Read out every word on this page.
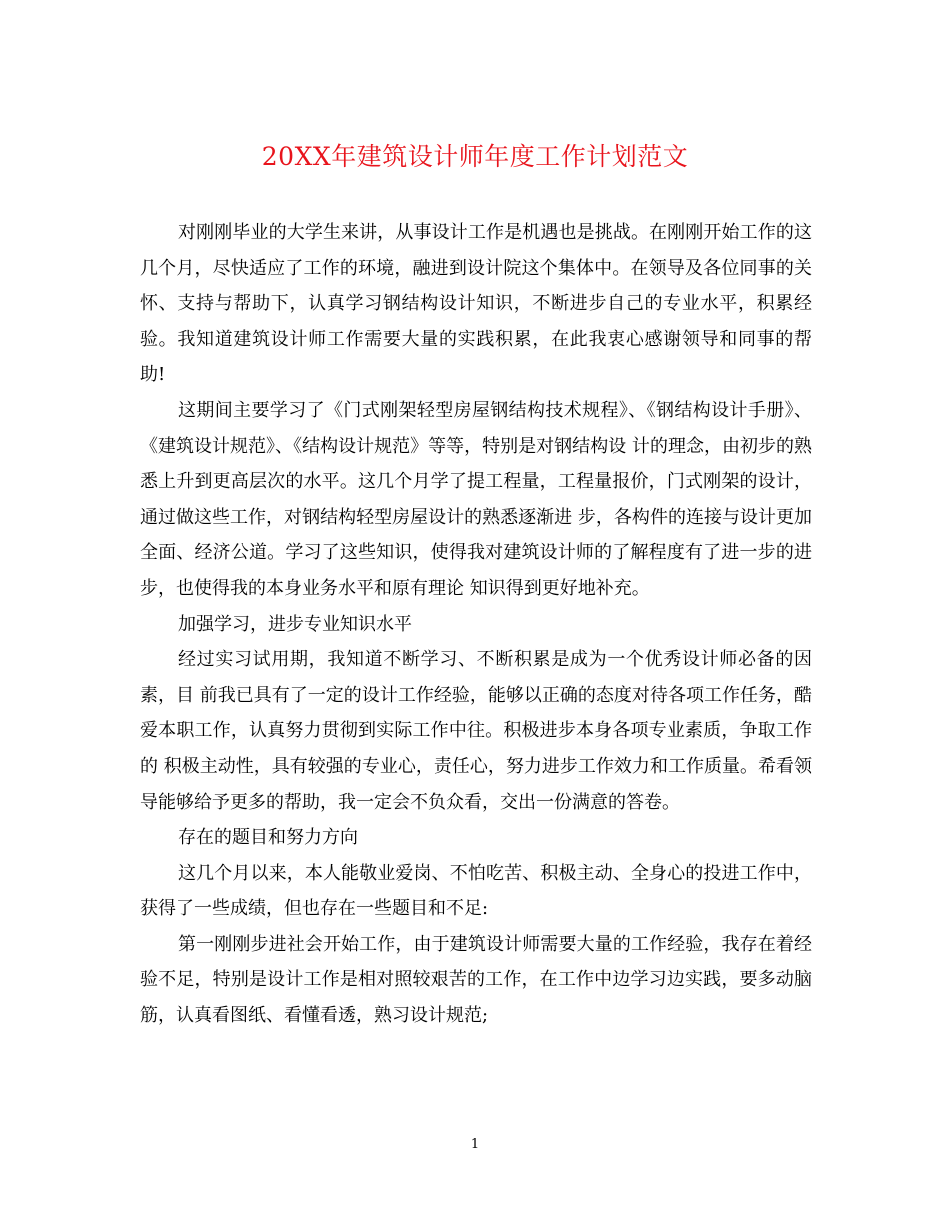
20XX年建筑设计师年度工作计划范文

对刚刚毕业的大学生来讲，从事设计工作是机遇也是挑战。在刚刚开始工作的这几个月，尽快适应了工作的环境，融进到设计院这个集体中。在领导及各位同事的关 怀、支持与帮助下，认真学习钢结构设计知识，不断进步自己的专业水平，积累经验。我知道建筑设计师工作需要大量的实践积累，在此我衷心感谢领导和同事的帮 助!

这期间主要学习了《门式刚架轻型房屋钢结构技术规程》、《钢结构设计手册》、《建筑设计规范》、《结构设计规范》等等，特别是对钢结构设 计的理念，由初步的熟悉上升到更高层次的水平。这几个月学了提工程量，工程量报价，门式刚架的设计，通过做这些工作，对钢结构轻型房屋设计的熟悉逐渐进 步，各构件的连接与设计更加全面、经济公道。学习了这些知识，使得我对建筑设计师的了解程度有了进一步的进步，也使得我的本身业务水平和原有理论 知识得到更好地补充。

加强学习，进步专业知识水平

经过实习试用期，我知道不断学习、不断积累是成为一个优秀设计师必备的因素，目 前我已具有了一定的设计工作经验，能够以正确的态度对待各项工作任务，酷爱本职工作，认真努力贯彻到实际工作中往。积极进步本身各项专业素质，争取工作的 积极主动性，具有较强的专业心，责任心，努力进步工作效力和工作质量。希看领导能够给予更多的帮助，我一定会不负众看，交出一份满意的答卷。

存在的题目和努力方向

这几个月以来，本人能敬业爱岗、不怕吃苦、积极主动、全身心的投进工作中，获得了一些成绩，但也存在一些题目和不足:

第一刚刚步进社会开始工作，由于建筑设计师需要大量的工作经验，我存在着经验不足，特别是设计工作是相对照较艰苦的工作，在工作中边学习边实践，要多动脑筋，认真看图纸、看懂看透，熟习设计规范;

1
